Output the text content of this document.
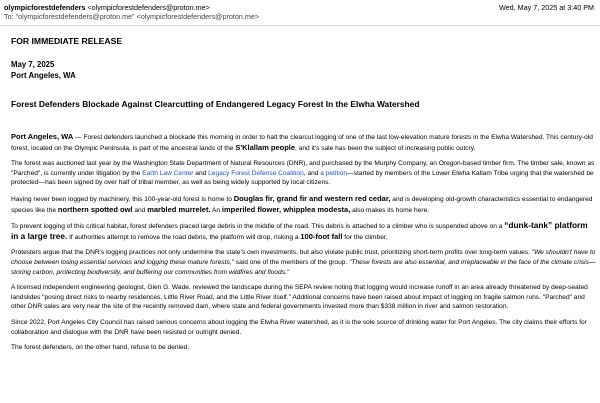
olympicforestdefenders <olympicforestdefenders@proton.me>
To: "olympicforestdefenders@proton.me" <olympicforestdefenders@proton.me>
Wed, May 7, 2025 at 3:40 PM
FOR IMMEDIATE RELEASE
May 7, 2025
Port Angeles, WA
Forest Defenders Blockade Against Clearcutting of Endangered Legacy Forest In the Elwha Watershed

Port Angeles, WA — Forest defenders launched a blockade this morning in order to halt the clearcut logging of one of the last low-elevation mature forests in the Elwha Watershed. This century-old forest, located on the Olympic Peninsula, is part of the ancestral lands of the S'Klallam people, and it's sale has been the subject of increasing public outcry.

The forest was auctioned last year by the Washington State Department of Natural Resources (DNR), and purchased by the Murphy Company, an Oregon-based timber firm. The timber sale, known as "Parched", is currently under litigation by the Earth Law Center and Legacy Forest Defense Coalition, and a petition—started by members of the Lower Elwha Kallam Tribe urging that the watershed be protected—has been signed by over half of tribal member, as well as being widely supported by local citizens.

Having never been logged by machinery, this 100-year-old forest is home to Douglas fir, grand fir and western red cedar, and is developing old-growth characteristics essential to endangered species like the northern spotted owl and marbled murrelet. An imperiled flower, whipplea modesta, also makes its home here.

To prevent logging of this critical habitat, forest defenders placed large debris in the middle of the road. This debris is attached to a climber who is suspended above on a “dunk-tank” platform in a large tree. If authorities attempt to remove the road debris, the platform will drop, risking a 100-foot fall for the climber.

Protesters argue that the DNR's logging practices not only undermine the state's own investments, but also violate public trust, prioritizing short-term profits over long-term values. "We shouldn't have to choose between losing essential services and logging these mature forests," said one of the members of the group. "These forests are also essential, and irreplaceable in the face of the climate crisis—storing carbon, protecting biodiversity, and buffering our communities from wildfires and floods."

A licensed independent engineering geologist, Glen G. Wade, reviewed the landscape during the SEPA review noting that logging would increase runoff in an area already threatened by deep-seated landslides "posing direct risks to nearby residences, Little River Road, and the Little River itself." Additional concerns have been raised about impact of logging on fragile salmon runs. "Parched" and other DNR sales are very near the site of the recently removed dam, where state and federal governments invested more than $338 million in river and salmon restoration.

Since 2022, Port Angeles City Council has raised serious concerns about logging the Elwha River watershed, as it is the sole source of drinking water for Port Angeles. The city claims their efforts for collaboration and dialogue with the DNR have been resisted or outright denied.

The forest defenders, on the other hand, refuse to be denied.
